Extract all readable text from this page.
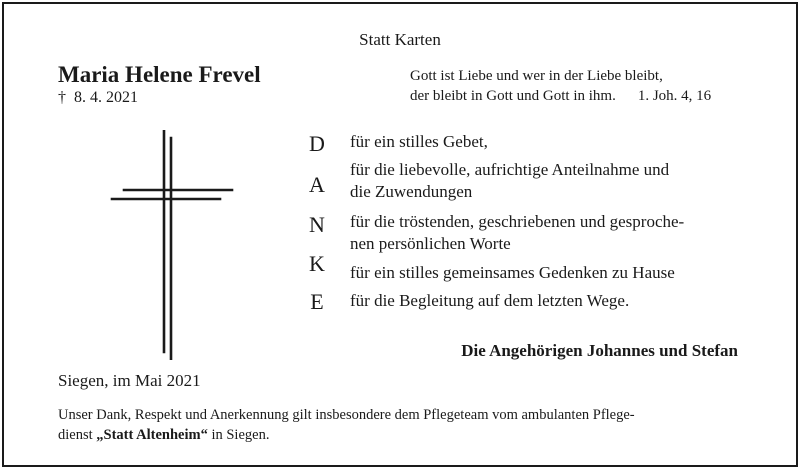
Statt Karten
Maria Helene Frevel
† 8. 4. 2021
Gott ist Liebe und wer in der Liebe bleibt,
der bleibt in Gott und Gott in ihm. 1. Joh. 4, 16
D
A
N
K
E
für ein stilles Gebet,
für die liebevolle, aufrichtige Anteilnahme und
die Zuwendungen
für die tröstenden, geschriebenen und gesproche-
nen persönlichen Worte
für ein stilles gemeinsames Gedenken zu Hause
für die Begleitung auf dem letzten Wege.
Die Angehörigen Johannes und Stefan
Siegen, im Mai 2021
Unser Dank, Respekt und Anerkennung gilt insbesondere dem Pflegeteam vom ambulanten Pflege-
dienst „Statt Altenheim“ in Siegen.
